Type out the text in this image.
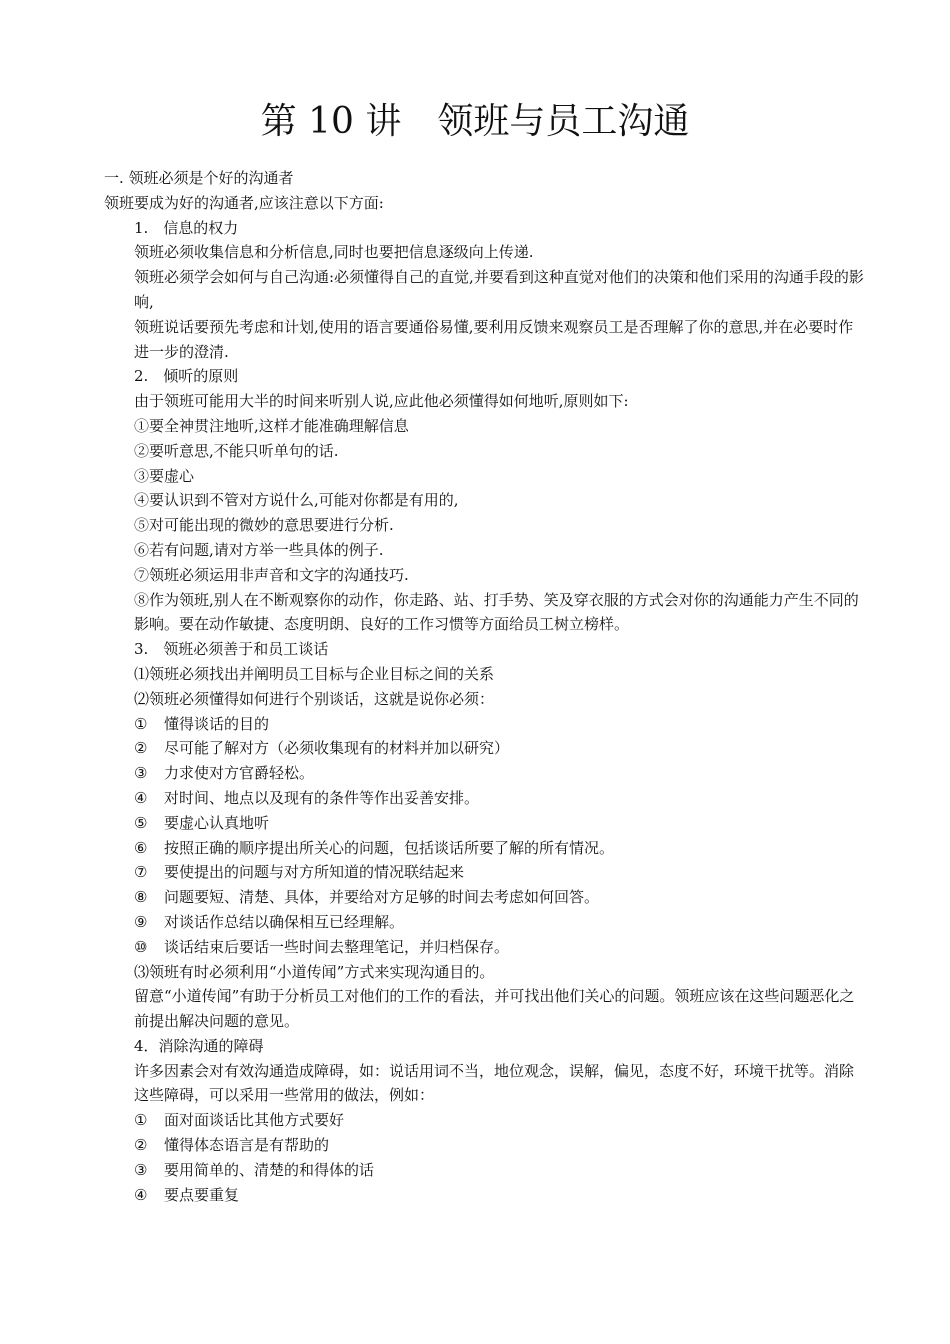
第 10 讲　领班与员工沟通
一. 领班必须是个好的沟通者
领班要成为好的沟通者,应该注意以下方面:
1.　信息的权力
领班必须收集信息和分析信息,同时也要把信息逐级向上传递.
领班必须学会如何与自己沟通:必须懂得自己的直觉,并要看到这种直觉对他们的决策和他们采用的沟通手段的影响,
领班说话要预先考虑和计划,使用的语言要通俗易懂,要利用反馈来观察员工是否理解了你的意思,并在必要时作进一步的澄清.
2.　倾听的原则
由于领班可能用大半的时间来听别人说,应此他必须懂得如何地听,原则如下:
①要全神贯注地听,这样才能准确理解信息
②要听意思,不能只听单句的话.
③要虚心
④要认识到不管对方说什么,可能对你都是有用的,
⑤对可能出现的微妙的意思要进行分析.
⑥若有问题,请对方举一些具体的例子.
⑦领班必须运用非声音和文字的沟通技巧.
⑧作为领班,别人在不断观察你的动作，你走路、站、打手势、笑及穿衣服的方式会对你的沟通能力产生不同的影响。要在动作敏捷、态度明朗、良好的工作习惯等方面给员工树立榜样。
3.　领班必须善于和员工谈话
⑴领班必须找出并阐明员工目标与企业目标之间的关系
⑵领班必须懂得如何进行个别谈话，这就是说你必须：
① 懂得谈话的目的
② 尽可能了解对方（必须收集现有的材料并加以研究）
③ 力求使对方官爵轻松。
④ 对时间、地点以及现有的条件等作出妥善安排。
⑤ 要虚心认真地听
⑥ 按照正确的顺序提出所关心的问题，包括谈话所要了解的所有情况。
⑦ 要使提出的问题与对方所知道的情况联结起来
⑧ 问题要短、清楚、具体，并要给对方足够的时间去考虑如何回答。
⑨ 对谈话作总结以确保相互已经理解。
⑩ 谈话结束后要话一些时间去整理笔记，并归档保存。
⑶领班有时必须利用“小道传闻”方式来实现沟通目的。
留意“小道传闻”有助于分析员工对他们的工作的看法，并可找出他们关心的问题。领班应该在这些问题恶化之前提出解决问题的意见。
4．消除沟通的障碍
许多因素会对有效沟通造成障碍，如：说话用词不当，地位观念，误解，偏见，态度不好，环境干扰等。消除这些障碍，可以采用一些常用的做法，例如：
① 面对面谈话比其他方式要好
② 懂得体态语言是有帮助的
③ 要用简单的、清楚的和得体的话
④ 要点要重复
